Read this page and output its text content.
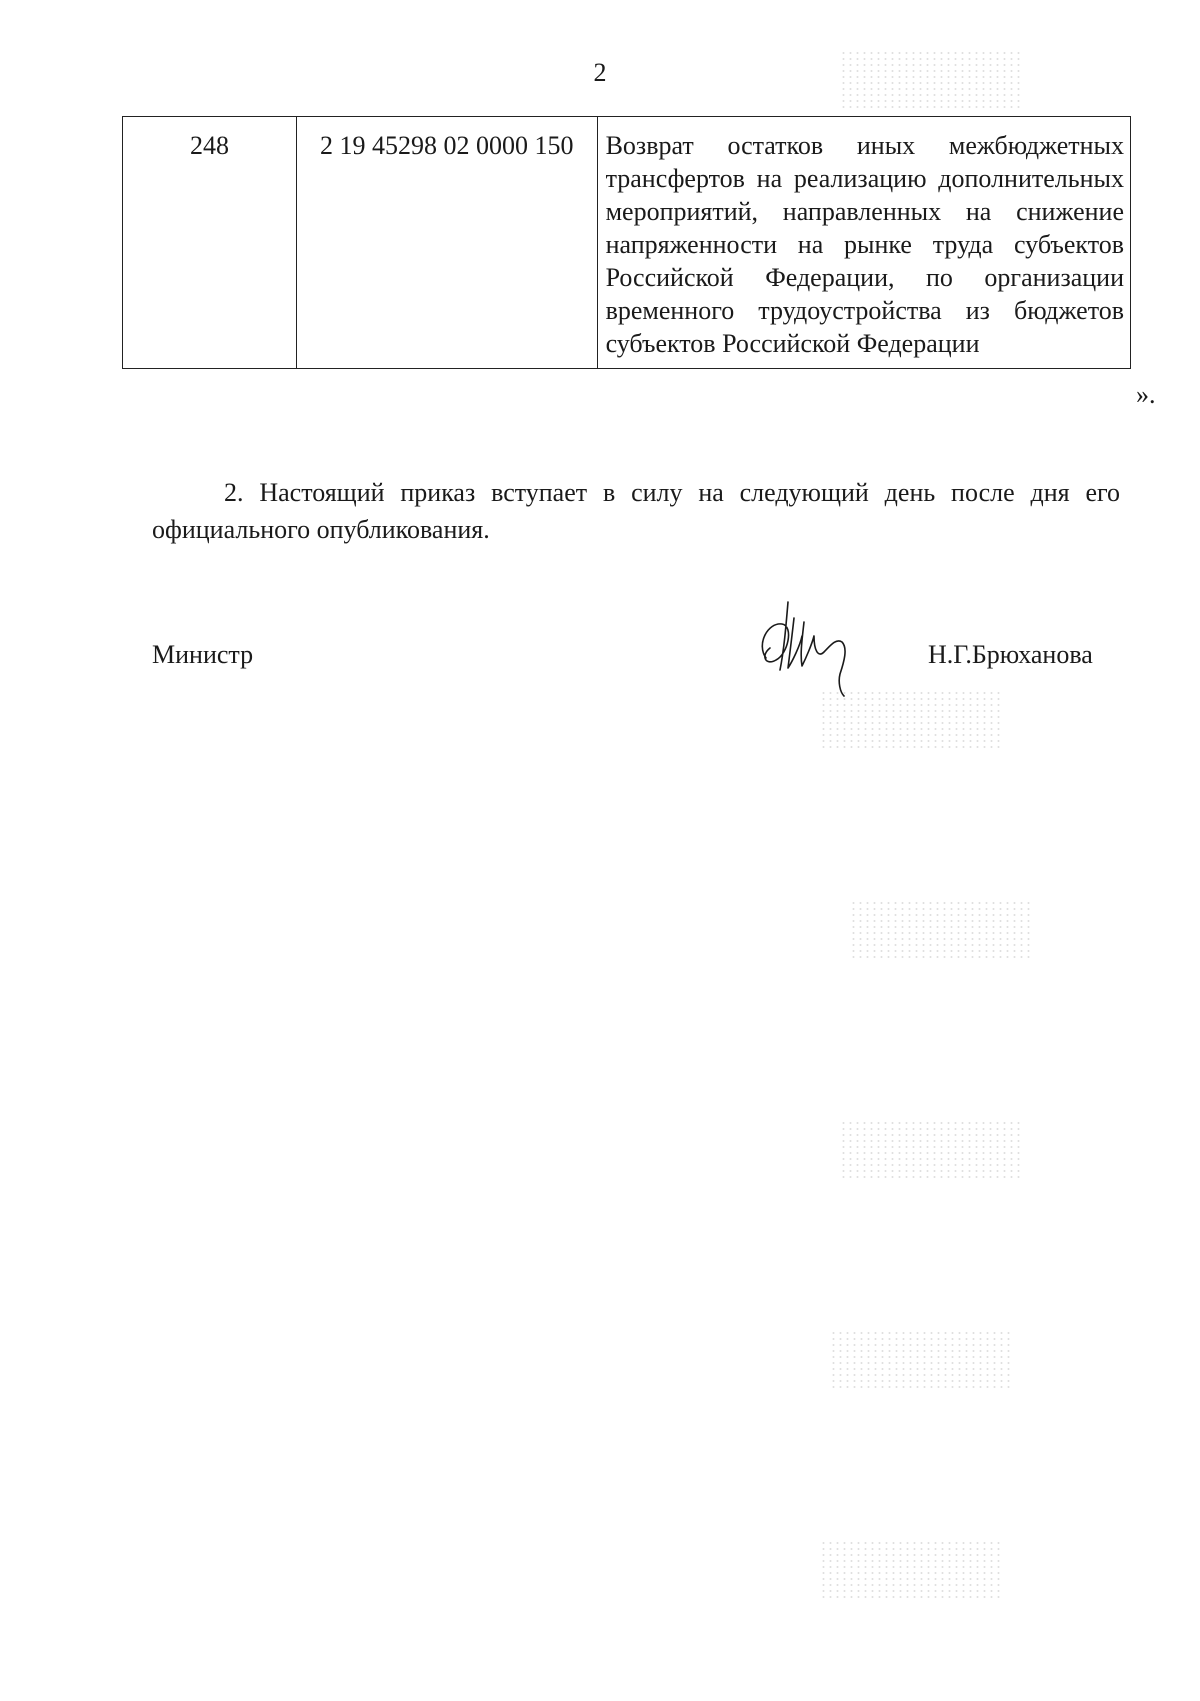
2
248	2 19 45298 02 0000 150	Возврат остатков иных межбюджетных трансфертов на реализацию дополнительных мероприятий, направленных на снижение напряженности на рынке труда субъектов Российской Федерации, по организации временного трудоустройства из бюджетов субъектов Российской Федерации
».
2. Настоящий приказ вступает в силу на следующий день после дня его официального опубликования.
Министр	Н.Г.Брюханова
